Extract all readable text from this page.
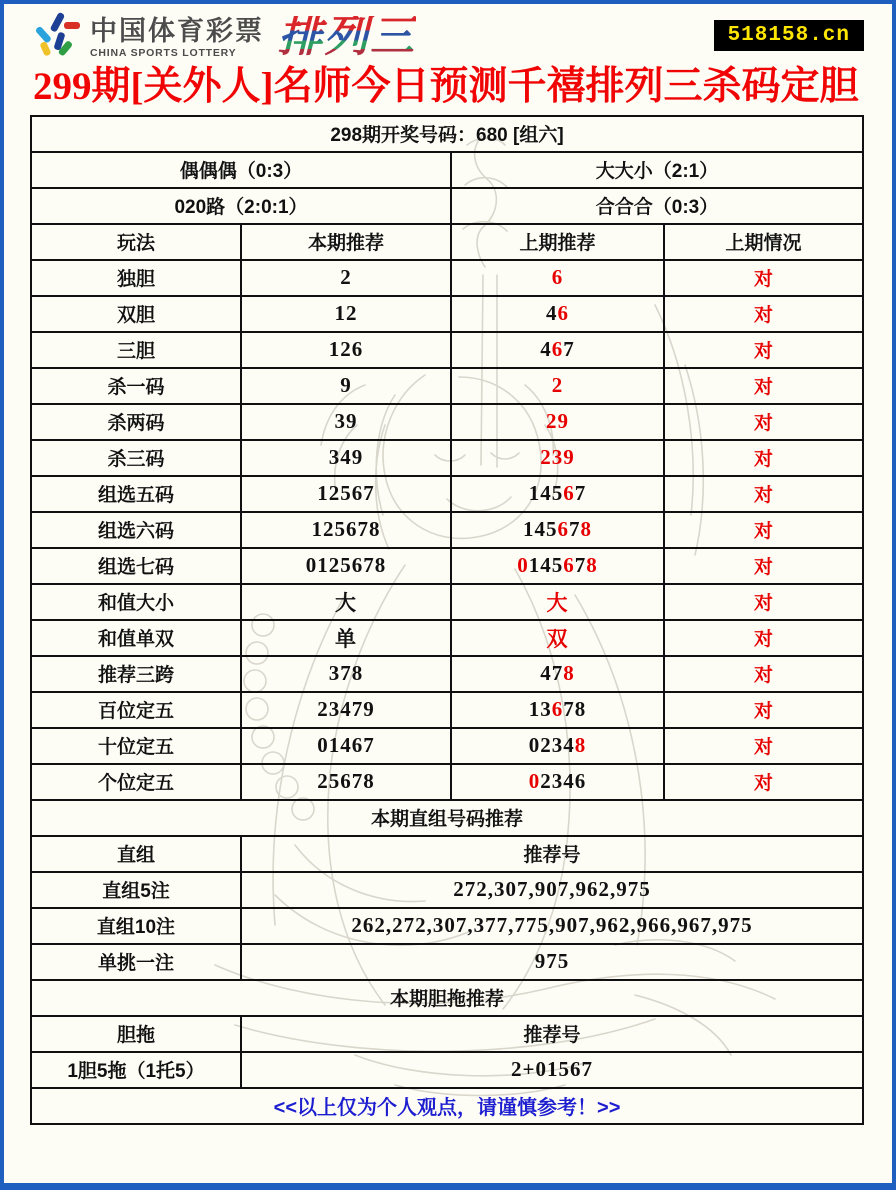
中国体育彩票
CHINA SPORTS LOTTERY 排列三	518158.cn
299期[关外人]名师今日预测千禧排列三杀码定胆
298期开奖号码：680 [组六]			
偶偶偶（0:3）		大大小（2:1）	
020路（2:0:1）		合合合（0:3）	
玩法	本期推荐	上期推荐	上期情况
独胆	2	6	对
双胆	12	46	对
三胆	126	467	对
杀一码	9	2	对
杀两码	39	29	对
杀三码	349	239	对
组选五码	12567	14567	对
组选六码	125678	145678	对
组选七码	0125678	0145678	对
和值大小	大	大	对
和值单双	单	双	对
推荐三跨	378	478	对
百位定五	23479	13678	对
十位定五	01467	02348	对
个位定五	25678	02346	对
本期直组号码推荐			
直组	推荐号		
直组5注	272,307,907,962,975		
直组10注	262,272,307,377,775,907,962,966,967,975		
单挑一注	975		
本期胆拖推荐			
胆拖	推荐号		
1胆5拖（1托5）	2+01567		
<<以上仅为个人观点，请谨慎参考！>>			
